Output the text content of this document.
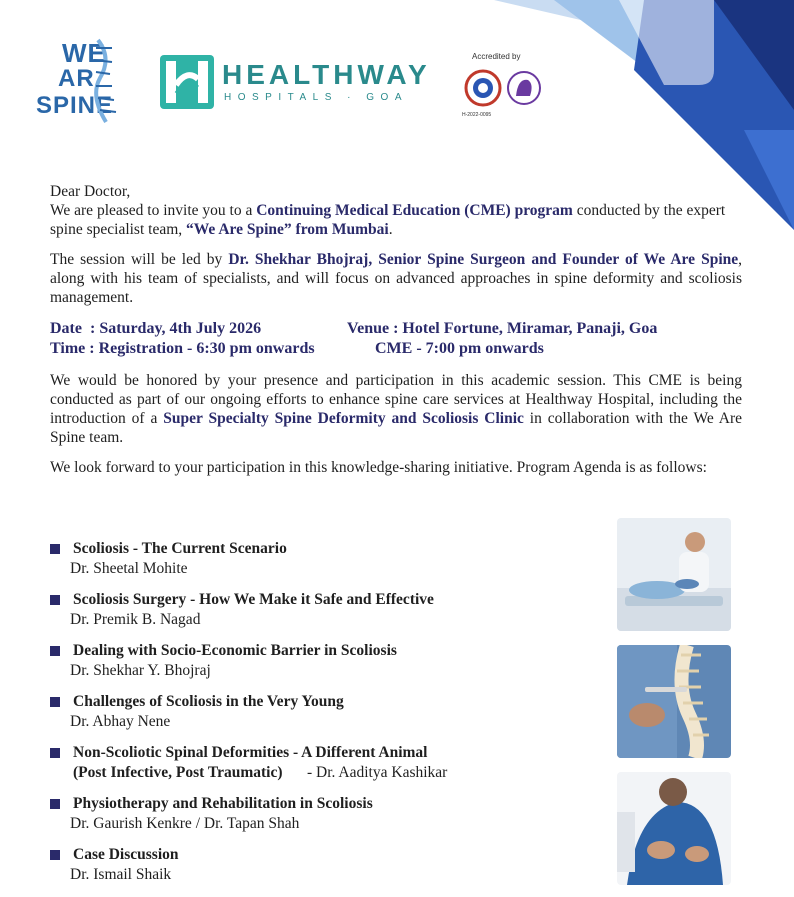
WE
AR
SPINE
HEALTHWAY
HOSPITALS · GOA
Accredited by
H-2022-0095

Dear Doctor,

We are pleased to invite you to a Continuing Medical Education (CME) program conducted by the expert spine specialist team, “We Are Spine” from Mumbai.

The session will be led by Dr. Shekhar Bhojraj, Senior Spine Surgeon and Founder of We Are Spine, along with his team of specialists, and will focus on advanced approaches in spine deformity and scoliosis management.

Date  : Saturday, 4th July 2026	Venue : Hotel Fortune, Miramar, Panaji, Goa
Time : Registration - 6:30 pm onwards	CME - 7:00 pm onwards

We would be honored by your presence and participation in this academic session. This CME is being conducted as part of our ongoing efforts to enhance spine care services at Healthway Hospital, including the introduction of a Super Specialty Spine Deformity and Scoliosis Clinic in collaboration with the We Are Spine team.

We look forward to your participation in this knowledge-sharing initiative. Program Agenda is as follows:

Scoliosis - The Current Scenario
Dr. Sheetal Mohite
Scoliosis Surgery - How We Make it Safe and Effective
Dr. Premik B. Nagad
Dealing with Socio-Economic Barrier in Scoliosis
Dr. Shekhar Y. Bhojraj
Challenges of Scoliosis in the Very Young
Dr. Abhay Nene
Non-Scoliotic Spinal Deformities - A Different Animal
(Post Infective, Post Traumatic) - Dr. Aaditya Kashikar
Physiotherapy and Rehabilitation in Scoliosis
Dr. Gaurish Kenkre / Dr. Tapan Shah
Case Discussion
Dr. Ismail Shaik
